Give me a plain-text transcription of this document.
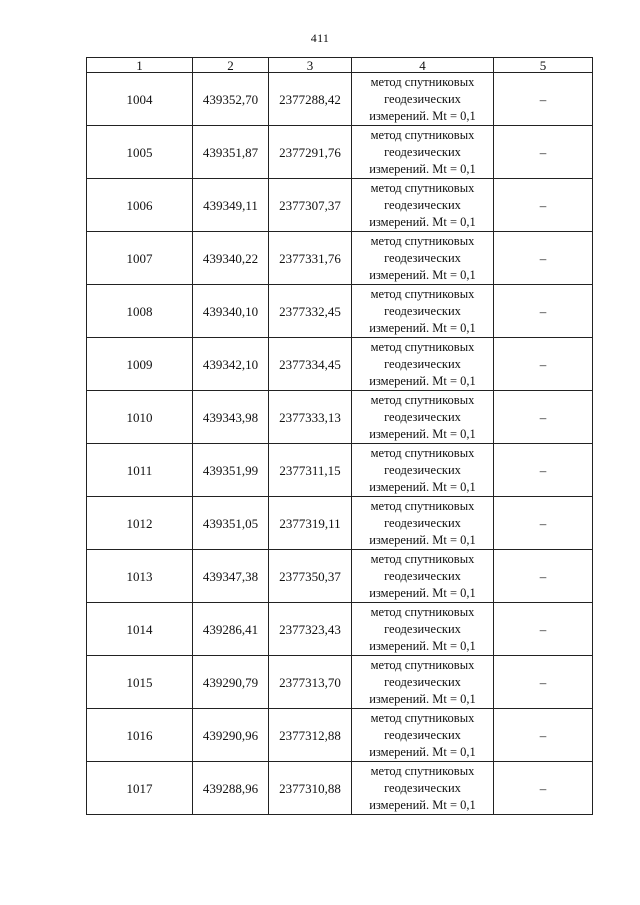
411
1	2	3	4	5
1004	439352,70	2377288,42	метод спутниковых
геодезических
измерений. Mt = 0,1	–
1005	439351,87	2377291,76	метод спутниковых
геодезических
измерений. Mt = 0,1	–
1006	439349,11	2377307,37	метод спутниковых
геодезических
измерений. Mt = 0,1	–
1007	439340,22	2377331,76	метод спутниковых
геодезических
измерений. Mt = 0,1	–
1008	439340,10	2377332,45	метод спутниковых
геодезических
измерений. Mt = 0,1	–
1009	439342,10	2377334,45	метод спутниковых
геодезических
измерений. Mt = 0,1	–
1010	439343,98	2377333,13	метод спутниковых
геодезических
измерений. Mt = 0,1	–
1011	439351,99	2377311,15	метод спутниковых
геодезических
измерений. Mt = 0,1	–
1012	439351,05	2377319,11	метод спутниковых
геодезических
измерений. Mt = 0,1	–
1013	439347,38	2377350,37	метод спутниковых
геодезических
измерений. Mt = 0,1	–
1014	439286,41	2377323,43	метод спутниковых
геодезических
измерений. Mt = 0,1	–
1015	439290,79	2377313,70	метод спутниковых
геодезических
измерений. Mt = 0,1	–
1016	439290,96	2377312,88	метод спутниковых
геодезических
измерений. Mt = 0,1	–
1017	439288,96	2377310,88	метод спутниковых
геодезических
измерений. Mt = 0,1	–
